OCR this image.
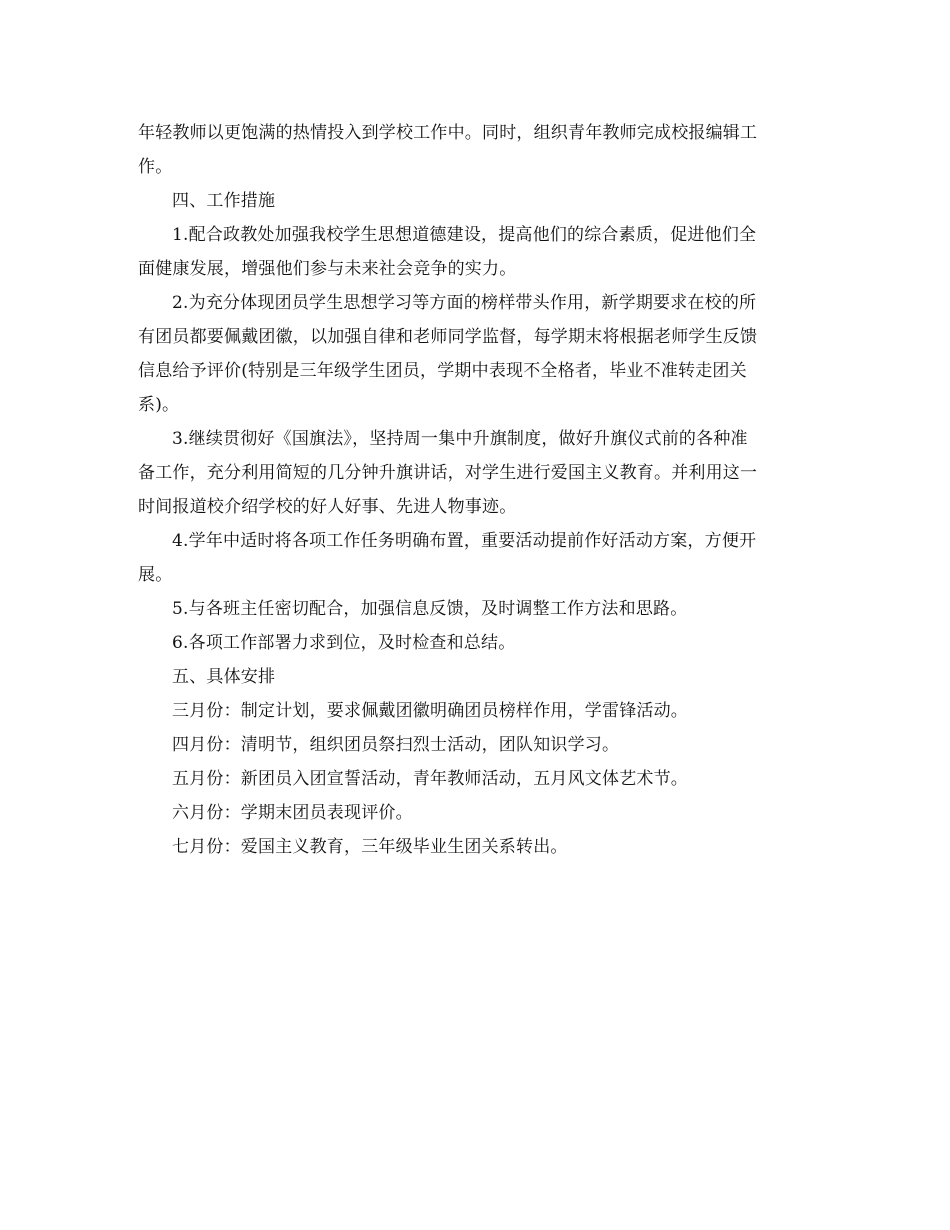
年轻教师以更饱满的热情投入到学校工作中。同时，组织青年教师完成校报编辑工
作。

四、工作措施

1.配合政教处加强我校学生思想道德建设，提高他们的综合素质，促进他们全
面健康发展，增强他们参与未来社会竞争的实力。

2.为充分体现团员学生思想学习等方面的榜样带头作用，新学期要求在校的所
有团员都要佩戴团徽，以加强自律和老师同学监督，每学期末将根据老师学生反馈
信息给予评价(特别是三年级学生团员，学期中表现不全格者，毕业不准转走团关
系)。

3.继续贯彻好《国旗法》，坚持周一集中升旗制度，做好升旗仪式前的各种准
备工作，充分利用简短的几分钟升旗讲话，对学生进行爱国主义教育。并利用这一
时间报道校介绍学校的好人好事、先进人物事迹。

4.学年中适时将各项工作任务明确布置，重要活动提前作好活动方案，方便开
展。

5.与各班主任密切配合，加强信息反馈，及时调整工作方法和思路。

6.各项工作部署力求到位，及时检查和总结。

五、具体安排

三月份：制定计划，要求佩戴团徽明确团员榜样作用，学雷锋活动。

四月份：清明节，组织团员祭扫烈士活动，团队知识学习。

五月份：新团员入团宣誓活动，青年教师活动，五月风文体艺术节。

六月份：学期末团员表现评价。

七月份：爱国主义教育，三年级毕业生团关系转出。
